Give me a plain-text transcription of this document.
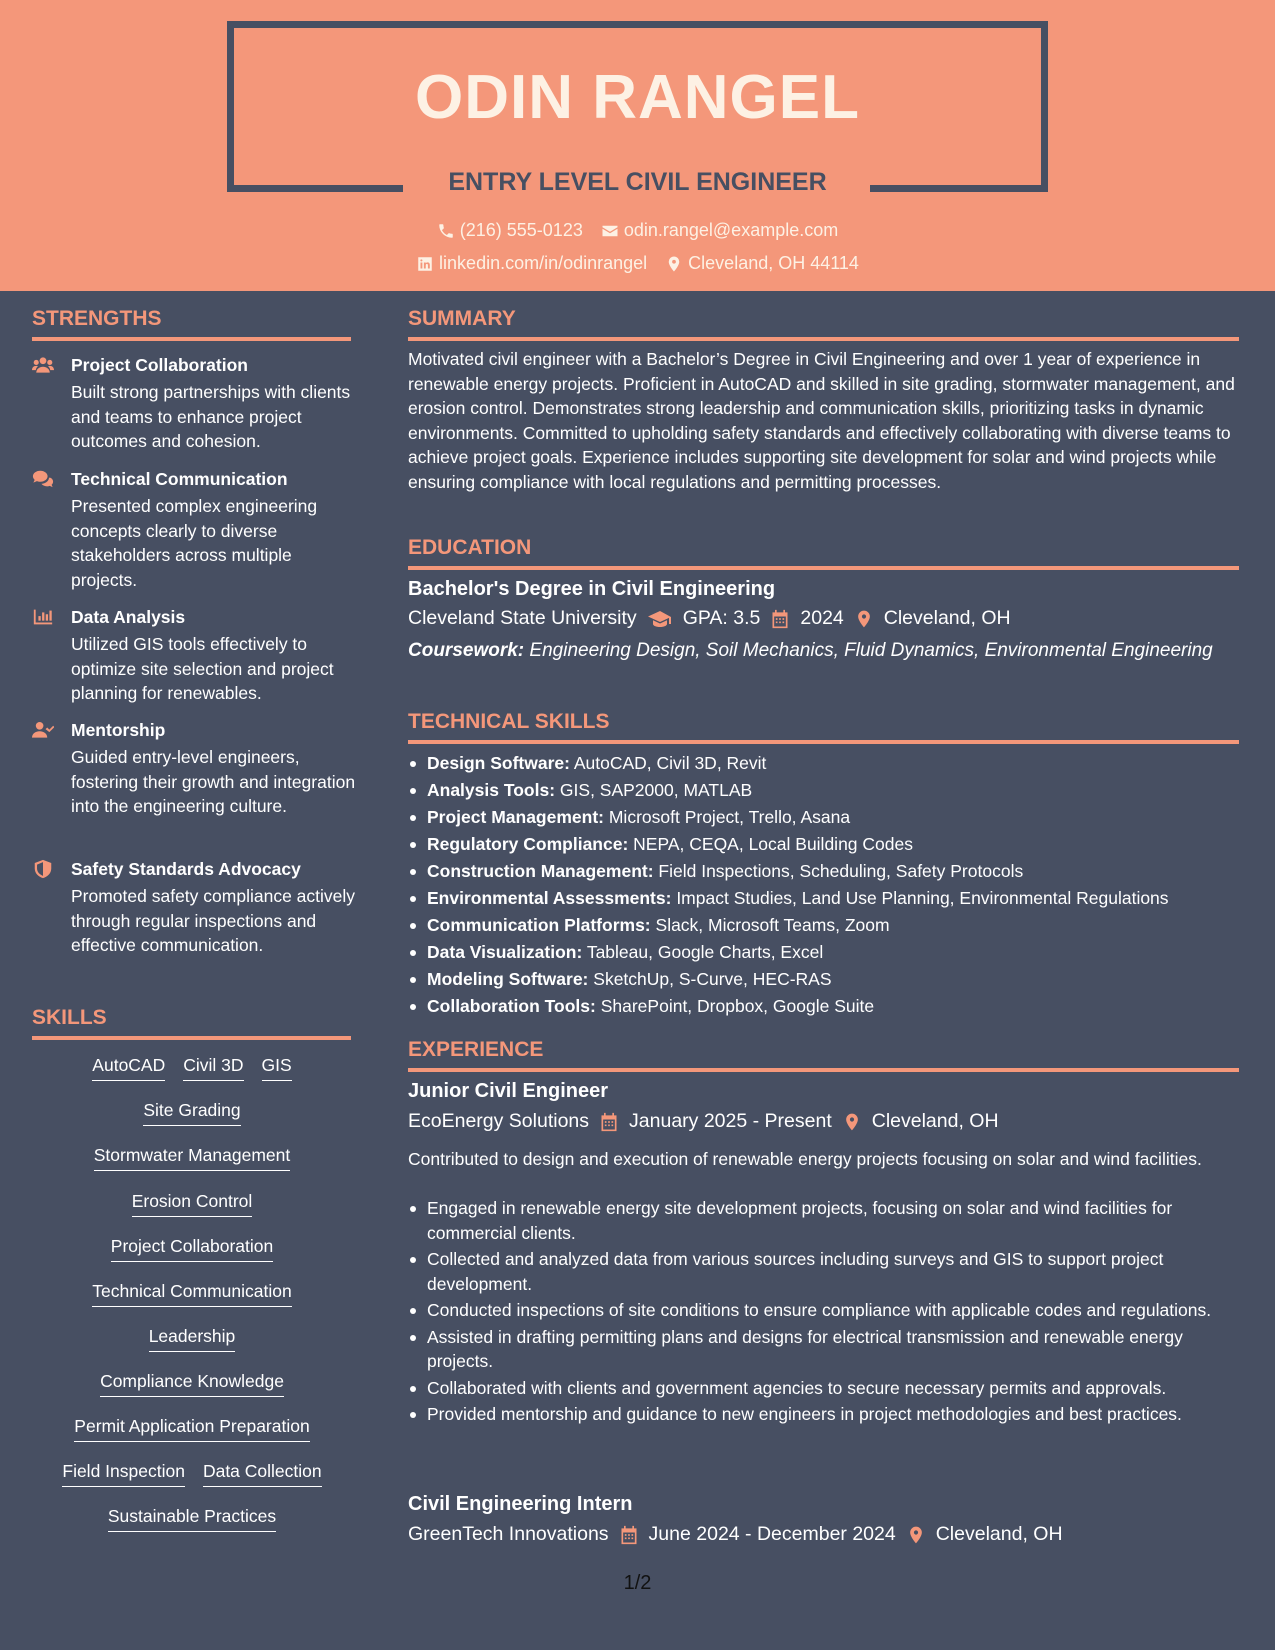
ODIN RANGEL
ENTRY LEVEL CIVIL ENGINEER
(216) 555-0123 odin.rangel@example.com
linkedin.com/in/odinrangel Cleveland, OH 44114
STRENGTHS
Project Collaboration
Built strong partnerships with clients and teams to enhance project outcomes and cohesion.
Technical Communication
Presented complex engineering concepts clearly to diverse stakeholders across multiple projects.
Data Analysis
Utilized GIS tools effectively to optimize site selection and project planning for renewables.
Mentorship
Guided entry-level engineers, fostering their growth and integration into the engineering culture.
Safety Standards Advocacy
Promoted safety compliance actively through regular inspections and effective communication.
SKILLS
AutoCAD Civil 3D GIS
Site Grading
Stormwater Management
Erosion Control
Project Collaboration
Technical Communication
Leadership
Compliance Knowledge
Permit Application Preparation
Field Inspection Data Collection
Sustainable Practices
SUMMARY
Motivated civil engineer with a Bachelor’s Degree in Civil Engineering and over 1 year of experience in renewable energy projects. Proficient in AutoCAD and skilled in site grading, stormwater management, and erosion control. Demonstrates strong leadership and communication skills, prioritizing tasks in dynamic environments. Committed to upholding safety standards and effectively collaborating with diverse teams to achieve project goals. Experience includes supporting site development for solar and wind projects while ensuring compliance with local regulations and permitting processes.
EDUCATION
Bachelor's Degree in Civil Engineering
Cleveland State University GPA: 3.5 2024 Cleveland, OH
Coursework: Engineering Design, Soil Mechanics, Fluid Dynamics, Environmental Engineering
TECHNICAL SKILLS
Design Software: AutoCAD, Civil 3D, Revit
Analysis Tools: GIS, SAP2000, MATLAB
Project Management: Microsoft Project, Trello, Asana
Regulatory Compliance: NEPA, CEQA, Local Building Codes
Construction Management: Field Inspections, Scheduling, Safety Protocols
Environmental Assessments: Impact Studies, Land Use Planning, Environmental Regulations
Communication Platforms: Slack, Microsoft Teams, Zoom
Data Visualization: Tableau, Google Charts, Excel
Modeling Software: SketchUp, S-Curve, HEC-RAS
Collaboration Tools: SharePoint, Dropbox, Google Suite
EXPERIENCE
Junior Civil Engineer
EcoEnergy Solutions January 2025 - Present Cleveland, OH
Contributed to design and execution of renewable energy projects focusing on solar and wind facilities.
Engaged in renewable energy site development projects, focusing on solar and wind facilities for commercial clients.
Collected and analyzed data from various sources including surveys and GIS to support project development.
Conducted inspections of site conditions to ensure compliance with applicable codes and regulations.
Assisted in drafting permitting plans and designs for electrical transmission and renewable energy projects.
Collaborated with clients and government agencies to secure necessary permits and approvals.
Provided mentorship and guidance to new engineers in project methodologies and best practices.
Civil Engineering Intern
GreenTech Innovations June 2024 - December 2024 Cleveland, OH
1/2
